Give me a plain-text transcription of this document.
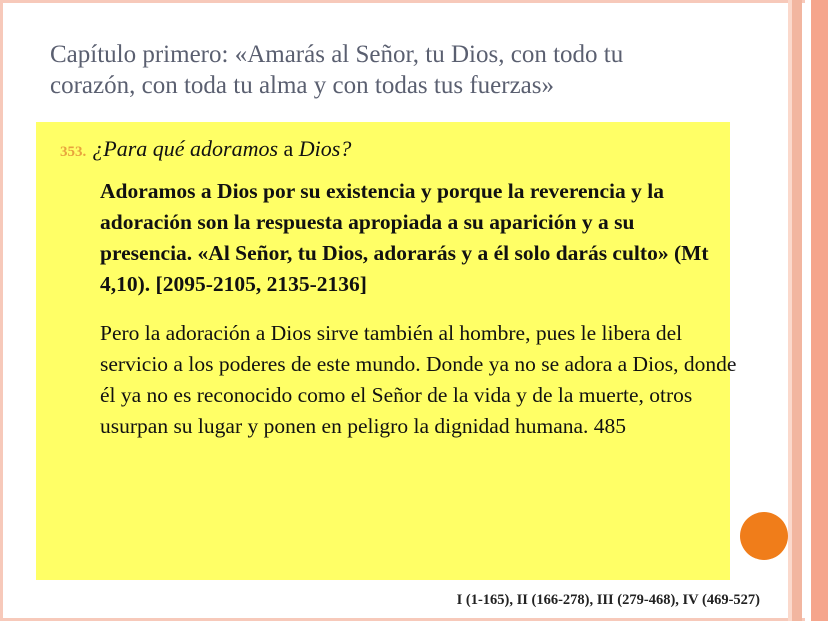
Capítulo primero: «Amarás al Señor, tu Dios, con todo tu corazón, con toda tu alma y con todas tus fuerzas»
353. ¿Para qué adoramos a Dios?
Adoramos a Dios por su existencia y porque la reverencia y la adoración son la respuesta apropiada a su aparición y a su presencia. «Al Señor, tu Dios, adorarás y a él solo darás culto» (Mt 4,10). [2095-2105, 2135-2136]
Pero la adoración a Dios sirve también al hombre, pues le libera del servicio a los poderes de este mundo. Donde ya no se adora a Dios, donde él ya no es reconocido como el Señor de la vida y de la muerte, otros usurpan su lugar y ponen en peligro la dignidad humana. 485
I (1-165), II (166-278), III (279-468), IV (469-527)
